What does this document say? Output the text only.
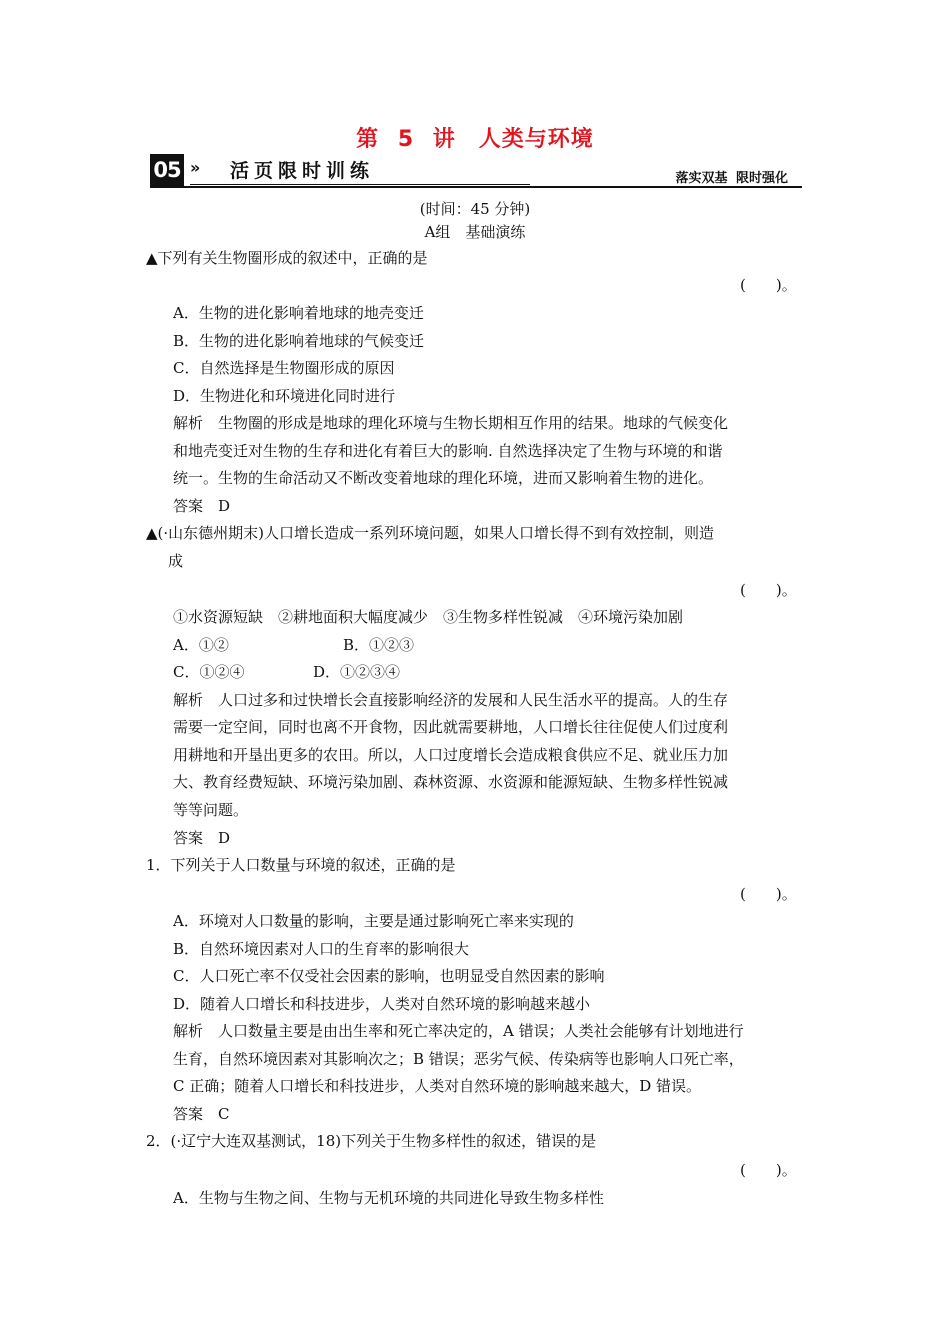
第 5 讲　人类与环境
05 » 活页限时训练	落实双基 限时强化
(时间：45 分钟)
A组　基础演练
▲下列有关生物圈形成的叙述中，正确的是
(　　)。
A．生物的进化影响着地球的地壳变迁
B．生物的进化影响着地球的气候变迁
C．自然选择是生物圈形成的原因
D．生物进化和环境进化同时进行
解析　生物圈的形成是地球的理化环境与生物长期相互作用的结果。地球的气候变化
和地壳变迁对生物的生存和进化有着巨大的影响. 自然选择决定了生物与环境的和谐
统一。生物的生命活动又不断改变着地球的理化环境，进而又影响着生物的进化。
答案　D
▲(·山东德州期末)人口增长造成一系列环境问题，如果人口增长得不到有效控制，则造
成
(　　)。
①水资源短缺　②耕地面积大幅度减少　③生物多样性锐减　④环境污染加剧
A．①②	B．①②③
C．①②④	D．①②③④
解析　人口过多和过快增长会直接影响经济的发展和人民生活水平的提高。人的生存
需要一定空间，同时也离不开食物，因此就需要耕地，人口增长往往促使人们过度利
用耕地和开垦出更多的农田。所以，人口过度增长会造成粮食供应不足、就业压力加
大、教育经费短缺、环境污染加剧、森林资源、水资源和能源短缺、生物多样性锐减
等等问题。
答案　D
1．下列关于人口数量与环境的叙述，正确的是
(　　)。
A．环境对人口数量的影响，主要是通过影响死亡率来实现的
B．自然环境因素对人口的生育率的影响很大
C．人口死亡率不仅受社会因素的影响，也明显受自然因素的影响
D．随着人口增长和科技进步，人类对自然环境的影响越来越小
解析　人口数量主要是由出生率和死亡率决定的，A 错误；人类社会能够有计划地进行
生育，自然环境因素对其影响次之；B 错误；恶劣气候、传染病等也影响人口死亡率，
C 正确；随着人口增长和科技进步，人类对自然环境的影响越来越大，D 错误。
答案　C
2．(·辽宁大连双基测试，18)下列关于生物多样性的叙述，错误的是
(　　)。
A．生物与生物之间、生物与无机环境的共同进化导致生物多样性
